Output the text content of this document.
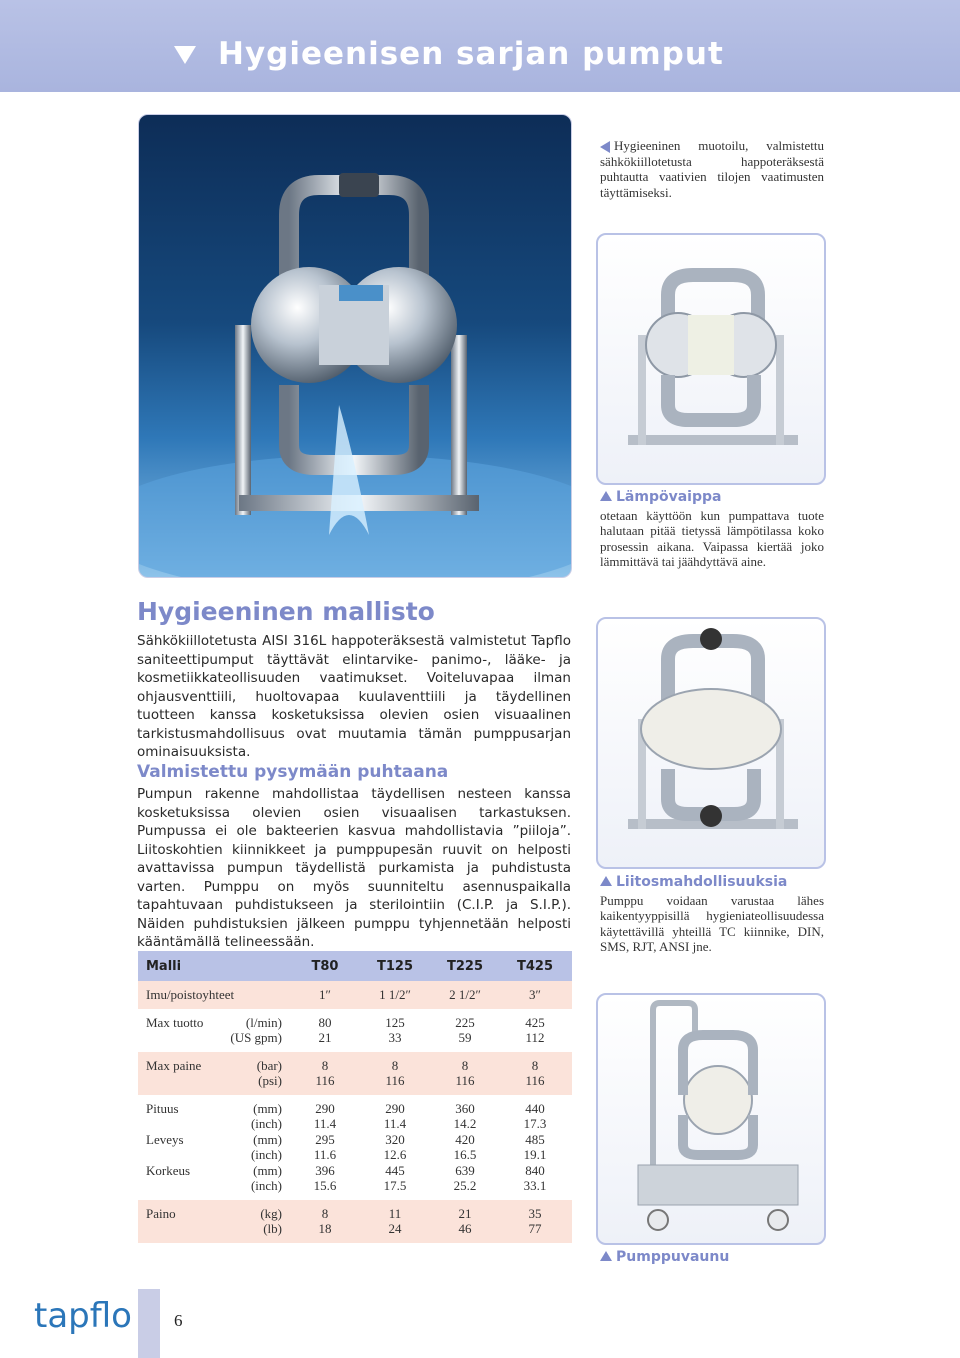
Hygieenisen sarjan pumput
Hygieeninen muotoilu, valmistettu sähkökiillotetusta happoteräksestä puhtautta vaativien tilojen vaatimusten täyttämiseksi.
Lämpövaippa
otetaan käyttöön kun pumpattava tuote halutaan pitää tietyssä lämpötilassa koko prosessin aikana. Vaipassa kiertää joko lämmittävä tai jäähdyttävä aine.
Liitosmahdollisuuksia
Pumppu voidaan varustaa lähes kaikentyyppisillä hygieniateollisuudessa käytettävillä yhteillä TC kiinnike, DIN, SMS, RJT, ANSI jne.
Pumppuvaunu
Hygieeninen mallisto
Sähkökiillotetusta AISI 316L happoteräksestä valmistetut Tapflo saniteettipumput täyttävät elintarvike- panimo-, lääke- ja kosmetiikkateollisuuden vaatimukset. Voiteluvapaa ilman ohjausventtiili, huoltovapaa kuulaventtiili ja täydellinen tuotteen kanssa kosketuksissa olevien osien visuaalinen tarkistusmahdollisuus ovat muutamia tämän pumppusarjan ominaisuuksista.
Valmistettu pysymään puhtaana
Pumpun rakenne mahdollistaa täydellisen nesteen kanssa kosketuksissa olevien osien visuaalisen tarkastuksen. Pumpussa ei ole bakteerien kasvua mahdollistavia ”piiloja”. Liitoskohtien kiinnikkeet ja pumppupesän ruuvit on helposti avattavissa pumpun täydellistä purkamista ja puhdistusta varten. Pumppu on myös suunniteltu asennuspaikalla tapahtuvaan puhdistukseen ja sterilointiin (C.I.P. ja S.I.P.). Näiden puhdistuksien jälkeen pumppu tyhjennetään helposti kääntämällä telineessään.
Malli	T80	T125	T225	T425
Imu/poistoyhteet	1″	1 1/2″	2 1/2″	3″
Max tuotto	(l/min)	80	125	225	425
(US gpm)	21	33	59	112
Max paine	(bar)	8	8	8	8
(psi)	116	116	116	116
Pituus	(mm)	290	290	360	440
(inch)	11.4	11.4	14.2	17.3
Leveys	(mm)	295	320	420	485
(inch)	11.6	12.6	16.5	19.1
Korkeus	(mm)	396	445	639	840
(inch)	15.6	17.5	25.2	33.1
Paino	(kg)	8	11	21	35
(lb)	18	24	46	77
tapflo 6
